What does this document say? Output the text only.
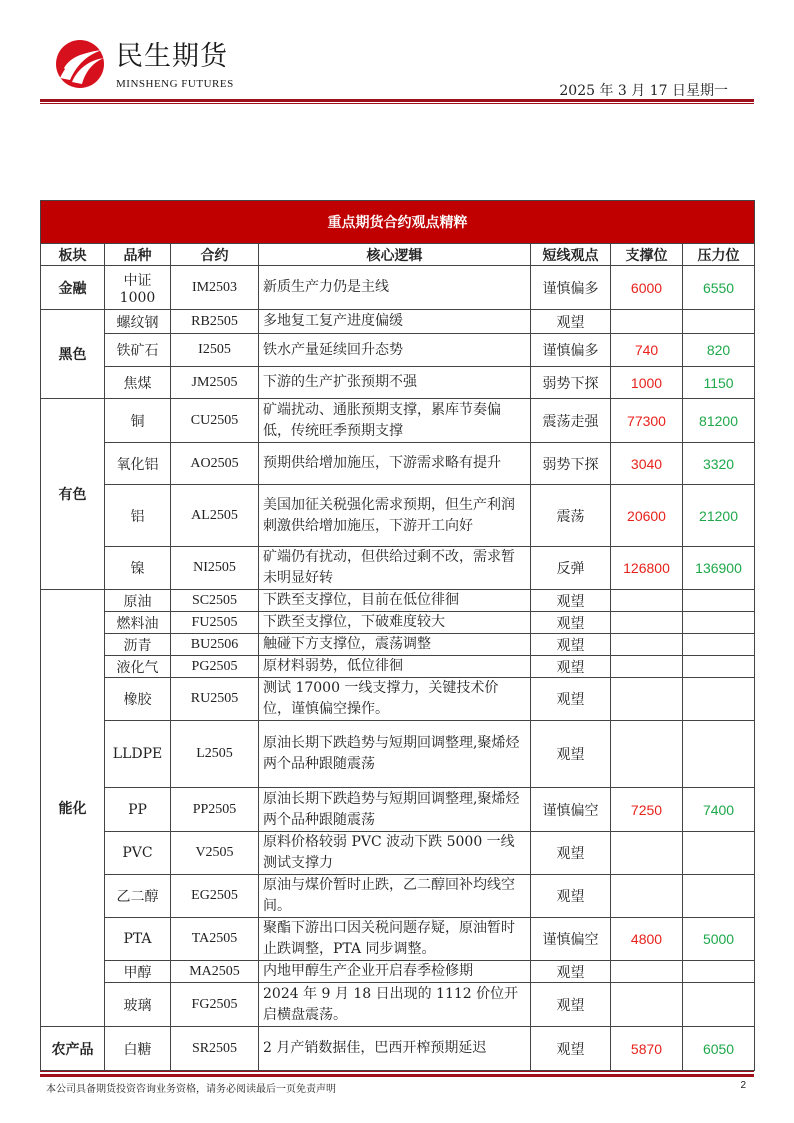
民生期货
MINSHENG FUTURES	2025 年 3 月 17 日星期一
重点期货合约观点精粹						
板块	品种	合约	核心逻辑	短线观点	支撑位	压力位
金融	中证1000	IM2503	新质生产力仍是主线	谨慎偏多	6000	6550
黑色	螺纹钢	RB2505	多地复工复产进度偏缓	观望		
	铁矿石	I2505	铁水产量延续回升态势	谨慎偏多	740	820
	焦煤	JM2505	下游的生产扩张预期不强	弱势下探	1000	1150
有色	铜	CU2505	矿端扰动、通胀预期支撑，累库节奏偏低，传统旺季预期支撑	震荡走强	77300	81200
	氧化铝	AO2505	预期供给增加施压，下游需求略有提升	弱势下探	3040	3320
	铝	AL2505	美国加征关税强化需求预期，但生产利润刺激供给增加施压，下游开工向好	震荡	20600	21200
	镍	NI2505	矿端仍有扰动，但供给过剩不改，需求暂未明显好转	反弹	126800	136900
能化	原油	SC2505	下跌至支撑位，目前在低位徘徊	观望		
	燃料油	FU2505	下跌至支撑位，下破难度较大	观望		
	沥青	BU2506	触碰下方支撑位，震荡调整	观望		
	液化气	PG2505	原材料弱势，低位徘徊	观望		
	橡胶	RU2505	测试 17000 一线支撑力，关键技术价位，谨慎偏空操作。	观望		
	LLDPE	L2505	原油长期下跌趋势与短期回调整理,聚烯烃两个品种跟随震荡	观望		
	PP	PP2505	原油长期下跌趋势与短期回调整理,聚烯烃两个品种跟随震荡	谨慎偏空	7250	7400
	PVC	V2505	原料价格较弱 PVC 波动下跌 5000 一线测试支撑力	观望		
	乙二醇	EG2505	原油与煤价暂时止跌，乙二醇回补均线空间。	观望		
	PTA	TA2505	聚酯下游出口因关税问题存疑，原油暂时止跌调整，PTA 同步调整。	谨慎偏空	4800	5000
	甲醇	MA2505	内地甲醇生产企业开启春季检修期	观望		
	玻璃	FG2505	2024 年 9 月 18 日出现的 1112 价位开启横盘震荡。	观望		
农产品	白糖	SR2505	2 月产销数据佳，巴西开榨预期延迟	观望	5870	6050
本公司具备期货投资咨询业务资格，请务必阅读最后一页免责声明	2
